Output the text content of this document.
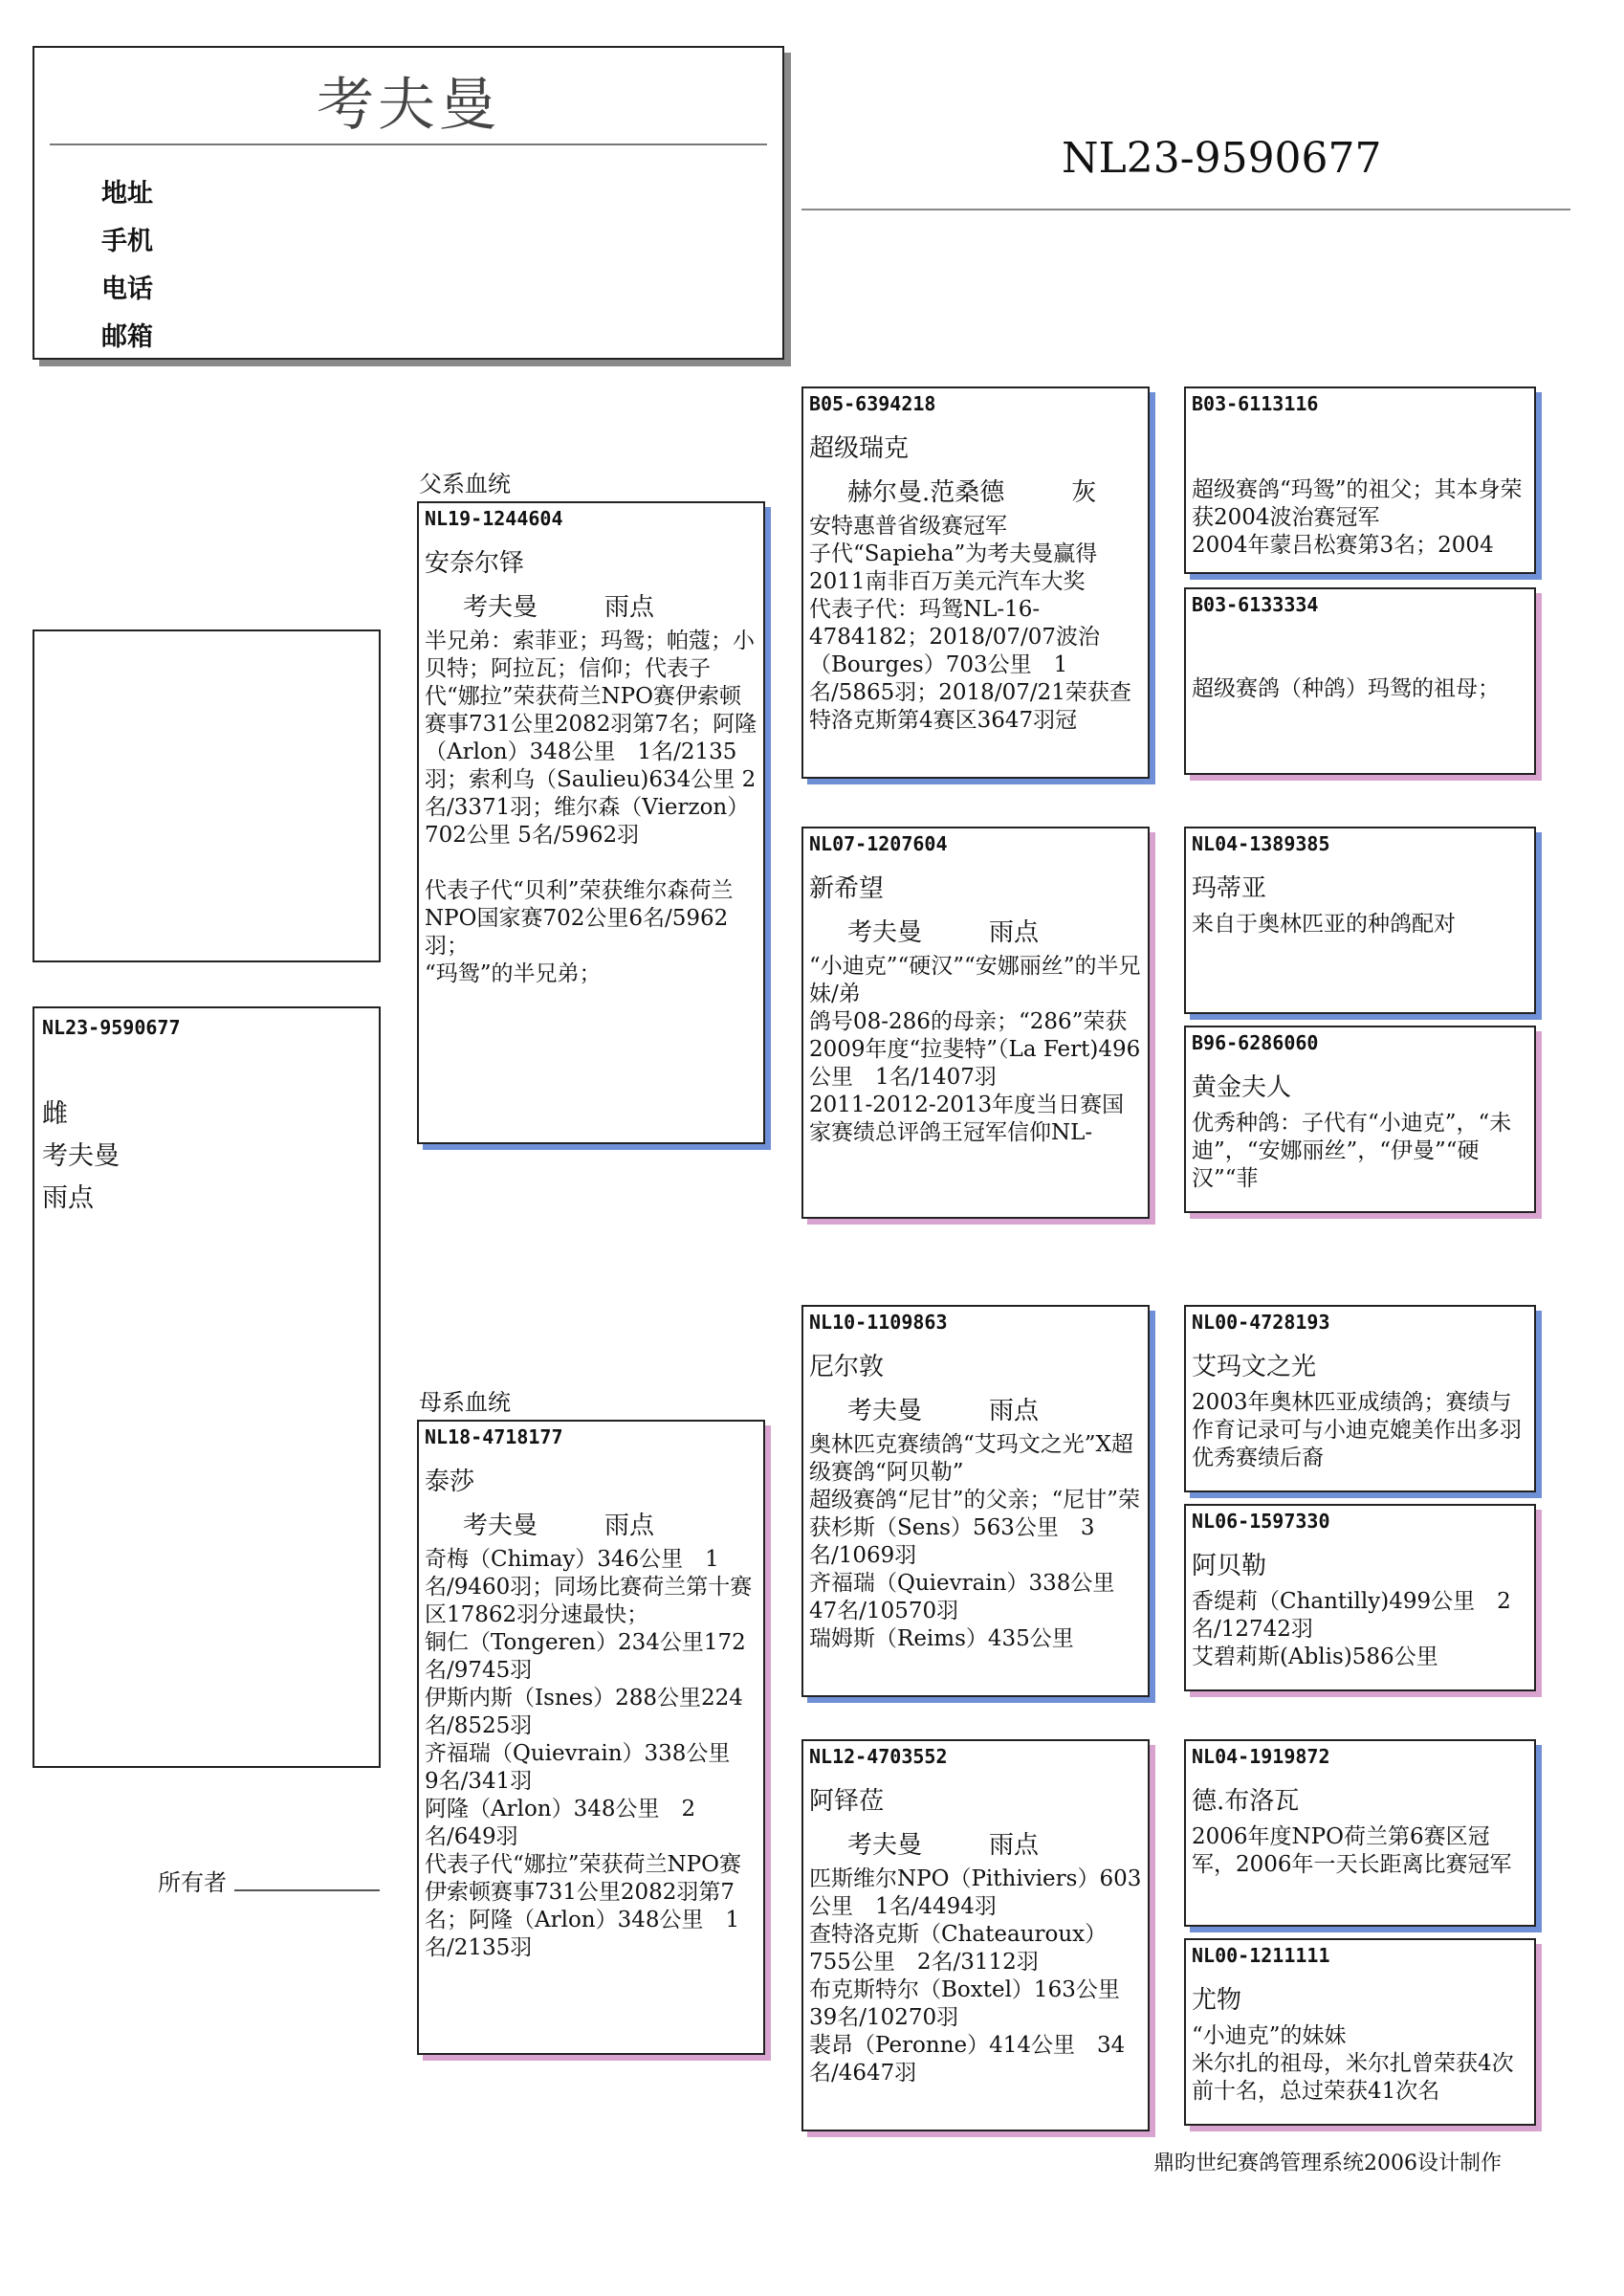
考夫曼
地址
手机
电话
邮箱
NL23-9590677
NL23-9590677
雌
考夫曼
雨点
所有者
父系血统
母系血统
NL19-1244604
安奈尔铎
考夫曼	雨点
半兄弟：索菲亚；玛鸳；帕蔻；小贝特；阿拉瓦；信仰；代表子代“娜拉”荣获荷兰NPO赛伊索顿赛事731公里2082羽第7名；阿隆（Arlon）348公里　1名/2135羽；索利乌（Saulieu)634公里 2名/3371羽；维尔森（Vierzon）702公里 5名/5962羽

代表子代“贝利”荣获维尔森荷兰NPO国家赛702公里6名/5962羽；
“玛鸳”的半兄弟；
NL18-4718177
泰莎
考夫曼	雨点
奇梅（Chimay）346公里　1名/9460羽；同场比赛荷兰第十赛区17862羽分速最快；
铜仁（Tongeren）234公里172名/9745羽
伊斯内斯（Isnes）288公里224名/8525羽
齐福瑞（Quievrain）338公里　9名/341羽
阿隆（Arlon）348公里　2名/649羽
代表子代“娜拉”荣获荷兰NPO赛伊索顿赛事731公里2082羽第7名；阿隆（Arlon）348公里　1名/2135羽
B05-6394218
超级瑞克
赫尔曼.范桑德	灰
安特惠普省级赛冠军
子代“Sapieha”为考夫曼赢得2011南非百万美元汽车大奖
代表子代：玛鸳NL-16-4784182；2018/07/07波治（Bourges）703公里　1名/5865羽；2018/07/21荣获查特洛克斯第4赛区3647羽冠
NL07-1207604
新希望
考夫曼	雨点
“小迪克”“硬汉”“安娜丽丝”的半兄妹/弟
鸽号08-286的母亲；“286”荣获2009年度“拉斐特”（La Fert)496公里　1名/1407羽
2011-2012-2013年度当日赛国家赛绩总评鸽王冠军信仰NL-
NL10-1109863
尼尔敦
考夫曼	雨点
奥林匹克赛绩鸽“艾玛文之光”X超级赛鸽“阿贝勒”
超级赛鸽“尼甘”的父亲；“尼甘”荣获杉斯（Sens）563公里　3名/1069羽
齐福瑞（Quievrain）338公里　47名/10570羽
瑞姆斯（Reims）435公里
NL12-4703552
阿铎莅
考夫曼	雨点
匹斯维尔NPO（Pithiviers）603公里　1名/4494羽
查特洛克斯（Chateauroux）755公里　2名/3112羽
布克斯特尔（Boxtel）163公里　39名/10270羽
裴昂（Peronne）414公里　34名/4647羽
B03-6113116
超级赛鸽“玛鸳”的祖父；其本身荣获2004波治赛冠军
2004年蒙吕松赛第3名；2004
B03-6133334
超级赛鸽（种鸽）玛鸳的祖母；
NL04-1389385
玛蒂亚
来自于奥林匹亚的种鸽配对
B96-6286060
黄金夫人
优秀种鸽：子代有“小迪克”，“未迪”，“安娜丽丝”，“伊曼”“硬汉”“菲
NL00-4728193
艾玛文之光
2003年奥林匹亚成绩鸽；赛绩与作育记录可与小迪克媲美作出多羽优秀赛绩后裔
NL06-1597330
阿贝勒
香缇莉（Chantilly)499公里　2名/12742羽
艾碧莉斯(Ablis)586公里
NL04-1919872
德.布洛瓦
2006年度NPO荷兰第6赛区冠军，2006年一天长距离比赛冠军
NL00-1211111
尤物
“小迪克”的妹妹
米尔扎的祖母，米尔扎曾荣获4次前十名，总过荣获41次名
鼎昀世纪赛鸽管理系统2006设计制作
